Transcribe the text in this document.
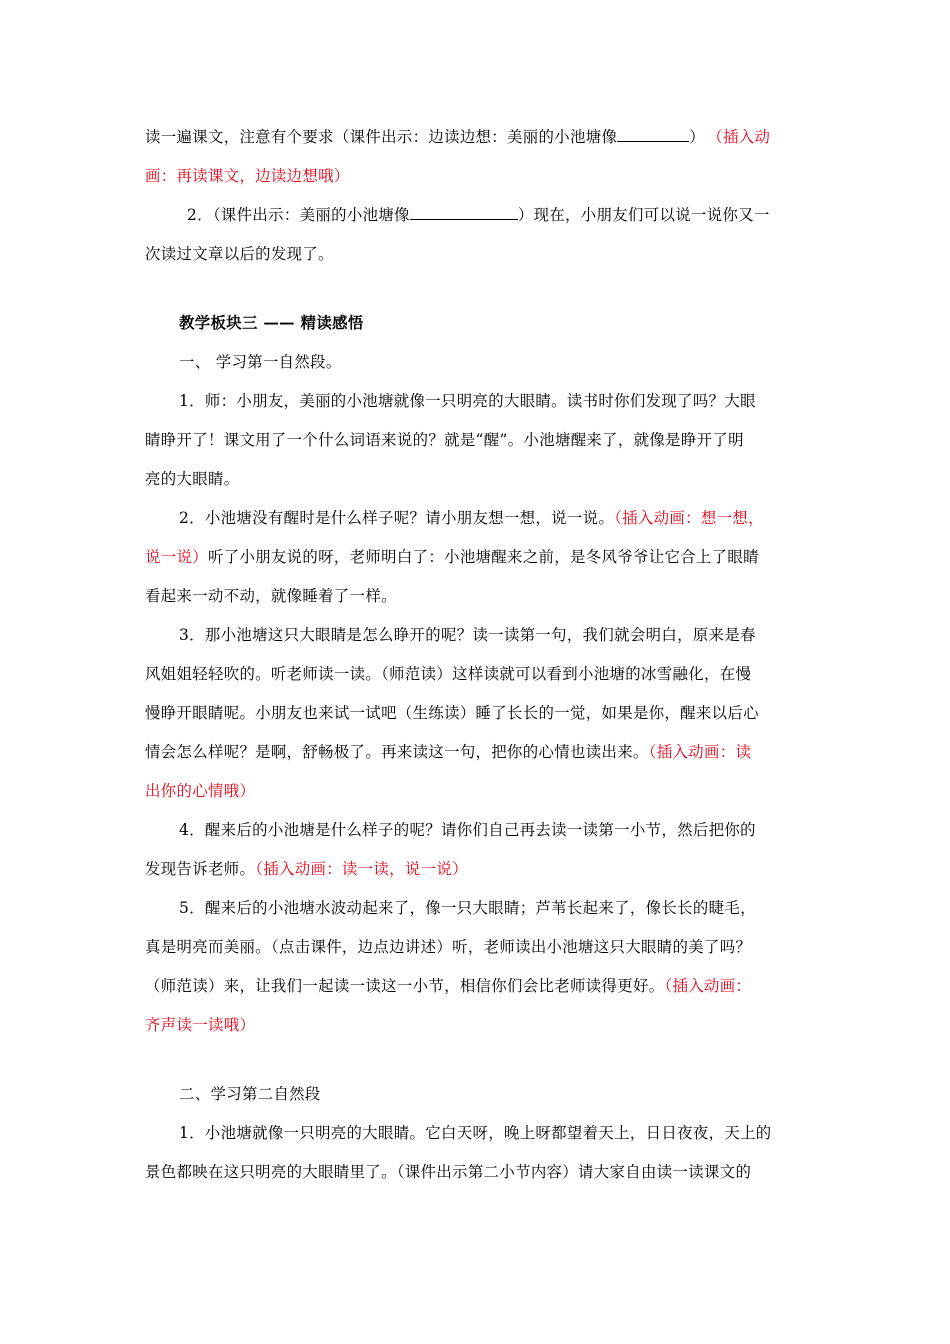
读一遍课文，注意有个要求（课件出示：边读边想：美丽的小池塘像	） （插入动
画：再读课文，边读边想哦）
2．（课件出示：美丽的小池塘像	）现在，小朋友们可以说一说你又一
次读过文章以后的发现了。
教学板块三 —— 精读感悟
一、 学习第一自然段。
1．师：小朋友，美丽的小池塘就像一只明亮的大眼睛。读书时你们发现了吗？大眼
睛睁开了！课文用了一个什么词语来说的？就是“醒”。小池塘醒来了，就像是睁开了明
亮的大眼睛。
2．小池塘没有醒时是什么样子呢？请小朋友想一想，说一说。（插入动画：想一想，
说一说）听了小朋友说的呀，老师明白了：小池塘醒来之前，是冬风爷爷让它合上了眼睛
看起来一动不动，就像睡着了一样。
3．那小池塘这只大眼睛是怎么睁开的呢？读一读第一句，我们就会明白，原来是春
风姐姐轻轻吹的。听老师读一读。（师范读）这样读就可以看到小池塘的冰雪融化，在慢
慢睁开眼睛呢。小朋友也来试一试吧（生练读）睡了长长的一觉，如果是你，醒来以后心
情会怎么样呢？是啊，舒畅极了。再来读这一句，把你的心情也读出来。（插入动画：读
出你的心情哦）
4．醒来后的小池塘是什么样子的呢？请你们自己再去读一读第一小节，然后把你的
发现告诉老师。（插入动画：读一读，说一说）
5．醒来后的小池塘水波动起来了，像一只大眼睛；芦苇长起来了，像长长的睫毛，
真是明亮而美丽。（点击课件，边点边讲述）听，老师读出小池塘这只大眼睛的美了吗？
（师范读）来，让我们一起读一读这一小节，相信你们会比老师读得更好。（插入动画：
齐声读一读哦）
二、学习第二自然段
1．小池塘就像一只明亮的大眼睛。它白天呀，晚上呀都望着天上，日日夜夜，天上的
景色都映在这只明亮的大眼睛里了。（课件出示第二小节内容）请大家自由读一读课文的
